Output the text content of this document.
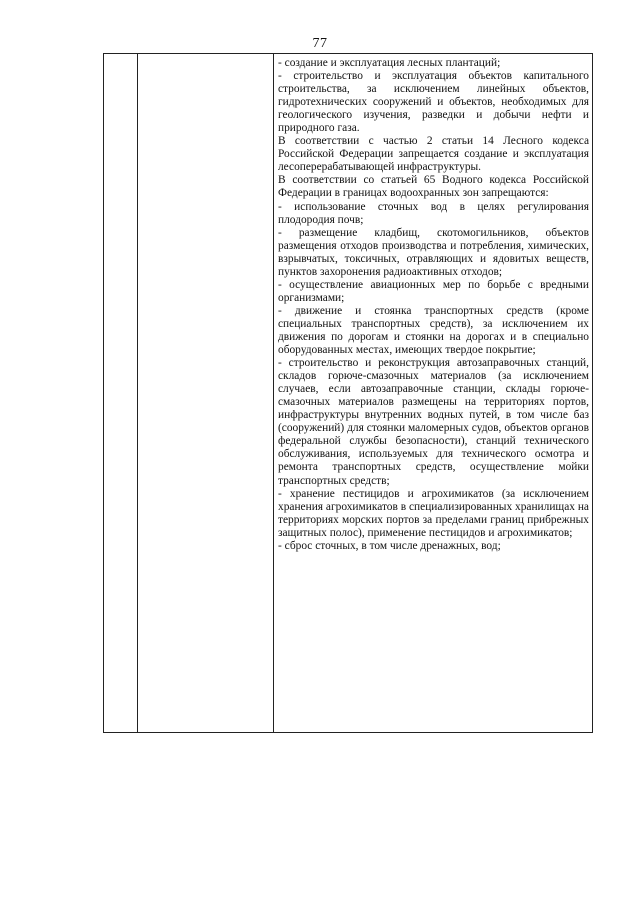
77

- создание и эксплуатация лесных плантаций;

- строительство и эксплуатация объектов капитального строительства, за исключением линейных объектов, гидротехнических сооружений и объектов, необходимых для геологического изучения, разведки и добычи нефти и природного газа.

В соответствии с частью 2 статьи 14 Лесного кодекса Российской Федерации запрещается создание и эксплуатация лесоперерабатывающей инфраструктуры.

В соответствии со статьей 65 Водного кодекса Российской Федерации в границах водоохранных зон запрещаются:

- использование сточных вод в целях регулирования плодородия почв;

- размещение кладбищ, скотомогильников, объектов размещения отходов производства и потребления, химических, взрывчатых, токсичных, отравляющих и ядовитых веществ, пунктов захоронения радиоактивных отходов;

- осуществление авиационных мер по борьбе с вредными организмами;

- движение и стоянка транспортных средств (кроме специальных транспортных средств), за исключением их движения по дорогам и стоянки на дорогах и в специально оборудованных местах, имеющих твердое покрытие;

- строительство и реконструкция автозаправочных станций, складов горюче-смазочных материалов (за исключением случаев, если автозаправочные станции, склады горюче-смазочных материалов размещены на территориях портов, инфраструктуры внутренних водных путей, в том числе баз (сооружений) для стоянки маломерных судов, объектов органов федеральной службы безопасности), станций технического обслуживания, используемых для технического осмотра и ремонта транспортных средств, осуществление мойки транспортных средств;

- хранение пестицидов и агрохимикатов (за исключением хранения агрохимикатов в специализированных хранилищах на территориях морских портов за пределами границ прибрежных защитных полос), применение пестицидов и агрохимикатов;

- сброс сточных, в том числе дренажных, вод;
